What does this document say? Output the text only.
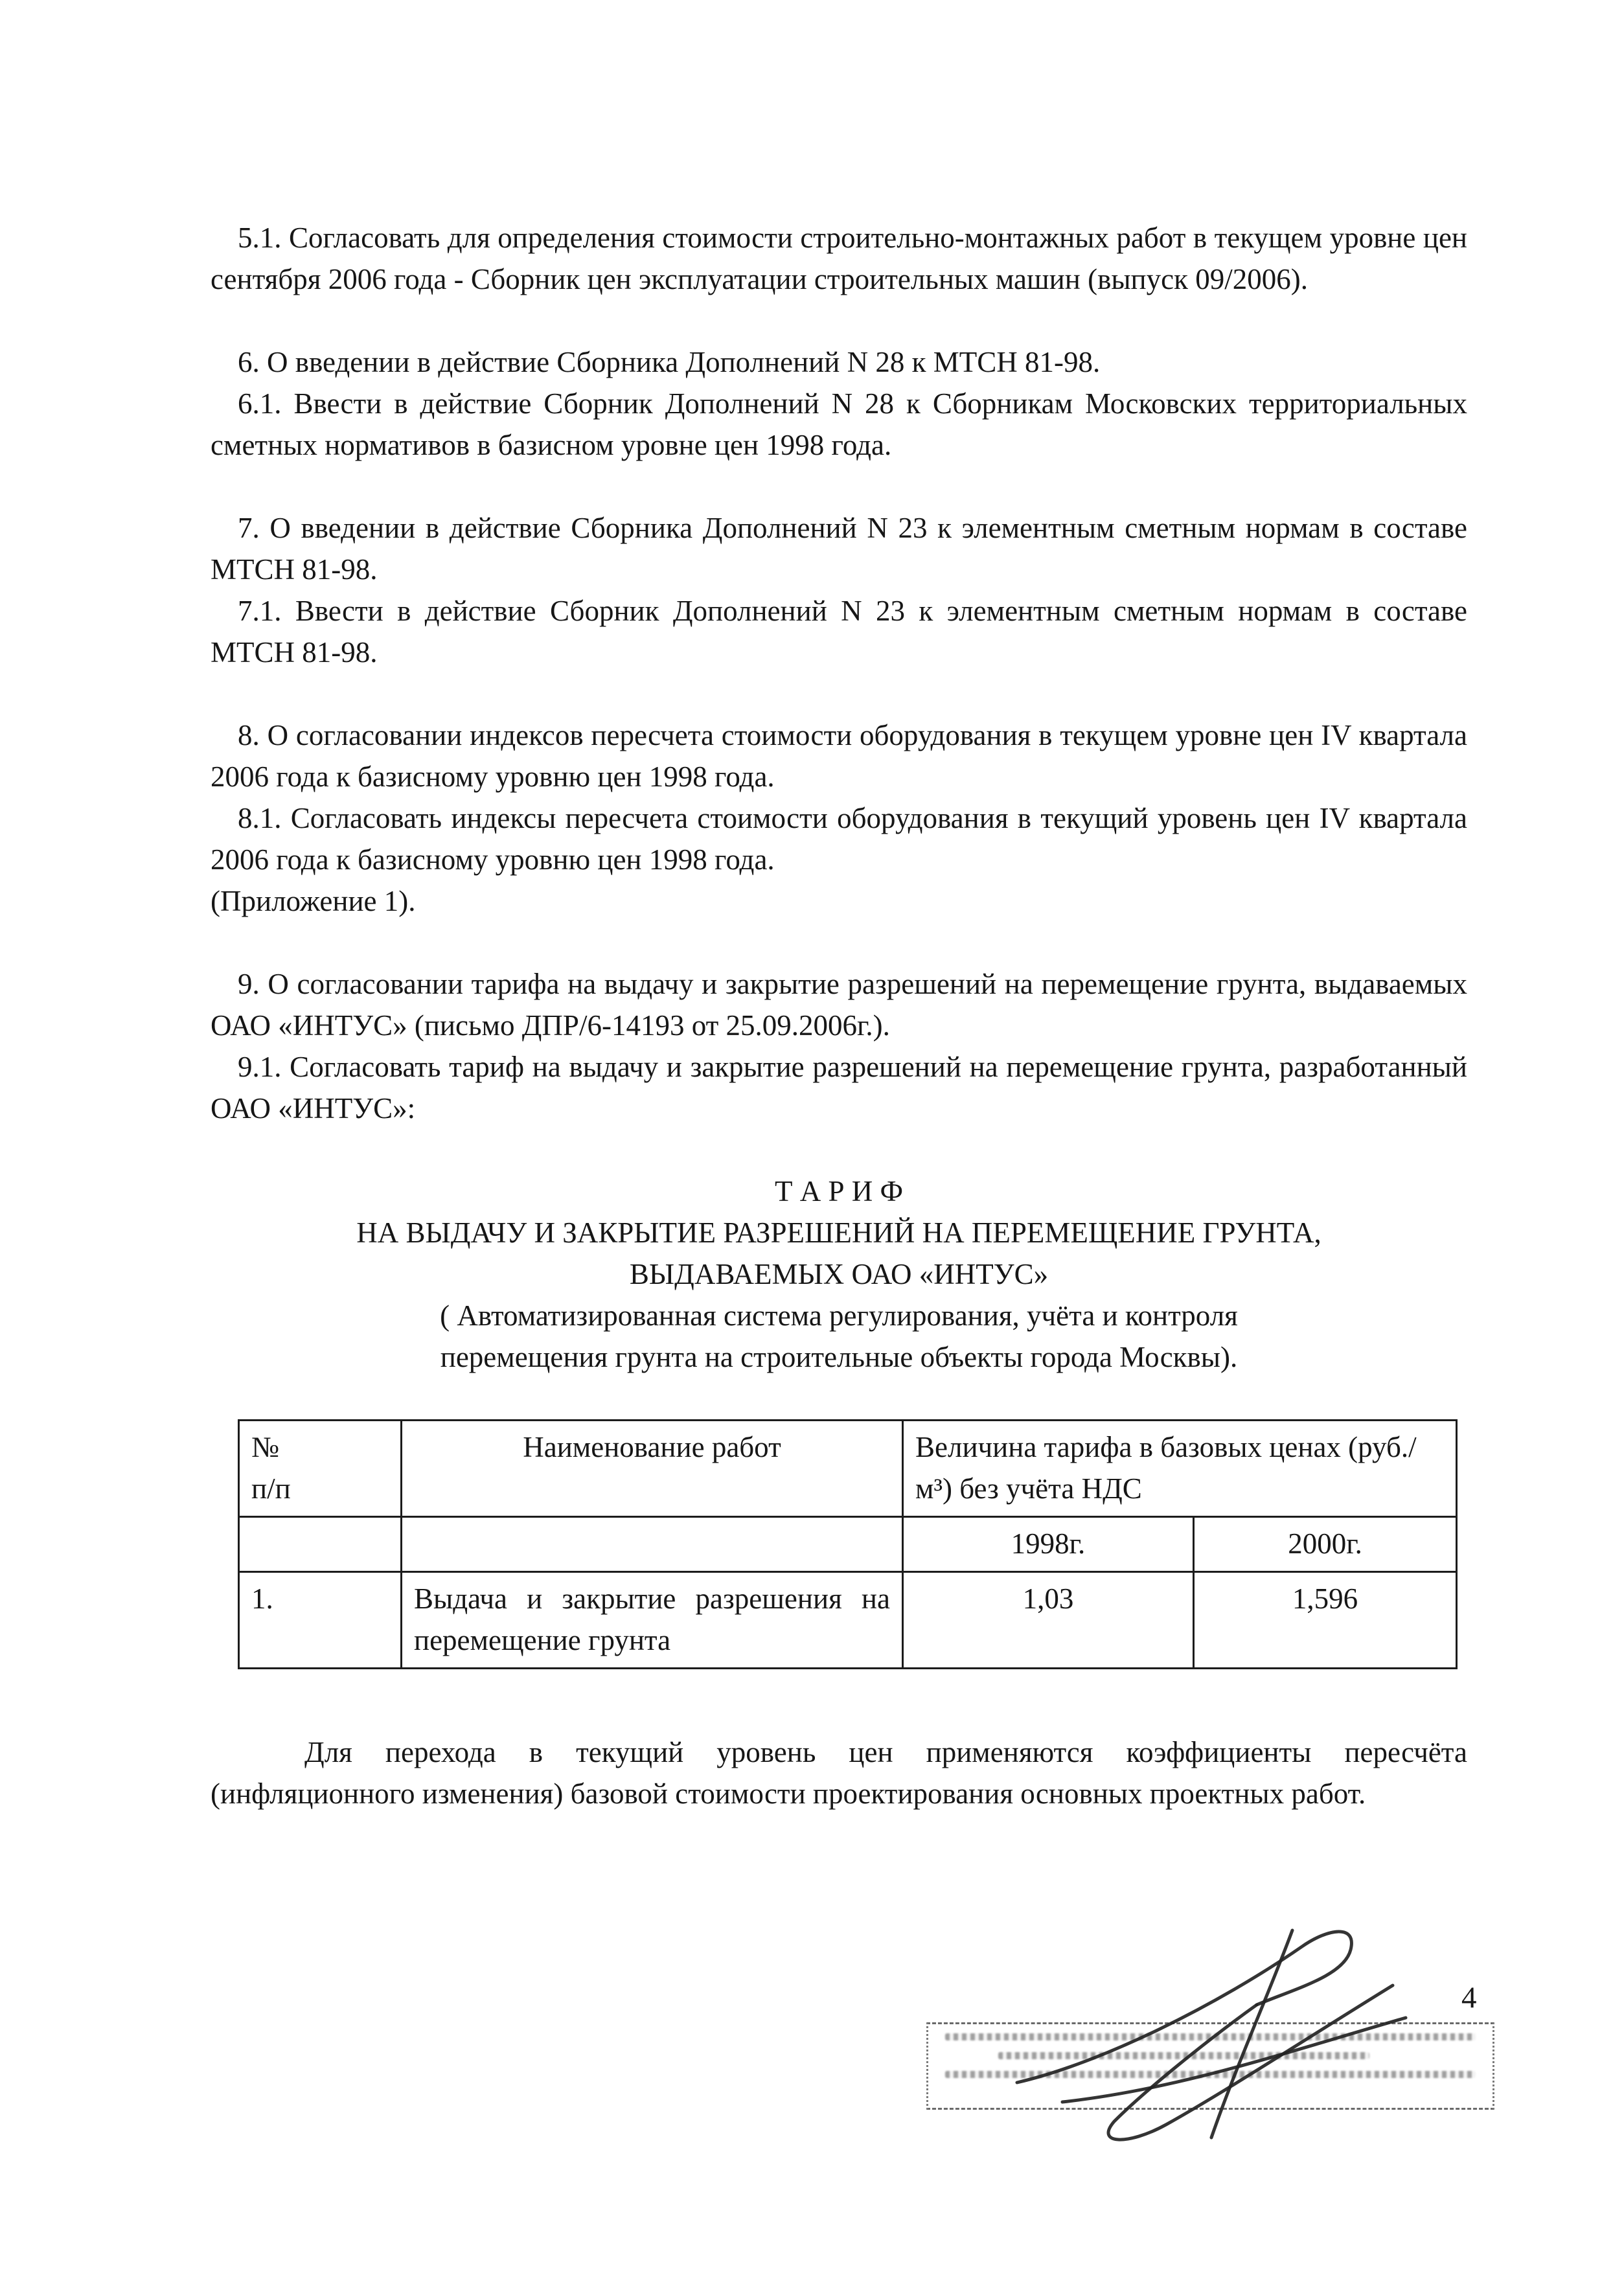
5.1. Согласовать для определения стоимости строительно-монтажных работ в текущем уровне цен сентября 2006 года - Сборник цен эксплуатации строительных машин (выпуск 09/2006).

6. О введении в действие Сборника Дополнений N 28 к МТСН 81-98.

6.1. Ввести в действие Сборник Дополнений N 28 к Сборникам Московских территориальных сметных нормативов в базисном уровне цен 1998 года.

7. О введении в действие Сборника Дополнений N 23 к элементным сметным нормам в составе МТСН 81-98.

7.1. Ввести в действие Сборник Дополнений N 23 к элементным сметным нормам в составе МТСН 81-98.

8. О согласовании индексов пересчета стоимости оборудования в текущем уровне цен IV квартала 2006 года к базисному уровню цен 1998 года.

8.1. Согласовать индексы пересчета стоимости оборудования в текущий уровень цен IV квартала 2006 года к базисному уровню цен 1998 года.

(Приложение 1).

9. О согласовании тарифа на выдачу и закрытие разрешений на перемещение грунта, выдаваемых ОАО «ИНТУС» (письмо ДПР/6-14193 от 25.09.2006г.).

9.1. Согласовать тариф на выдачу и закрытие разрешений на перемещение грунта, разработанный ОАО «ИНТУС»:

Т А Р И Ф
НА ВЫДАЧУ И ЗАКРЫТИЕ РАЗРЕШЕНИЙ НА ПЕРЕМЕЩЕНИЕ ГРУНТА,
ВЫДАВАЕМЫХ ОАО «ИНТУС»
( Автоматизированная система регулирования, учёта и контроля
перемещения грунта на строительные объекты города Москвы).
№
п/п	Наименование работ	Величина тарифа в базовых ценах (руб./м³) без учёта НДС	
		1998г.	2000г.
1.	Выдача и закрытие разрешения на перемещение грунта	1,03	1,596

Для перехода в текущий уровень цен применяются коэффициенты пересчёта (инфляционного изменения) базовой стоимости проектирования основных проектных работ.

4
